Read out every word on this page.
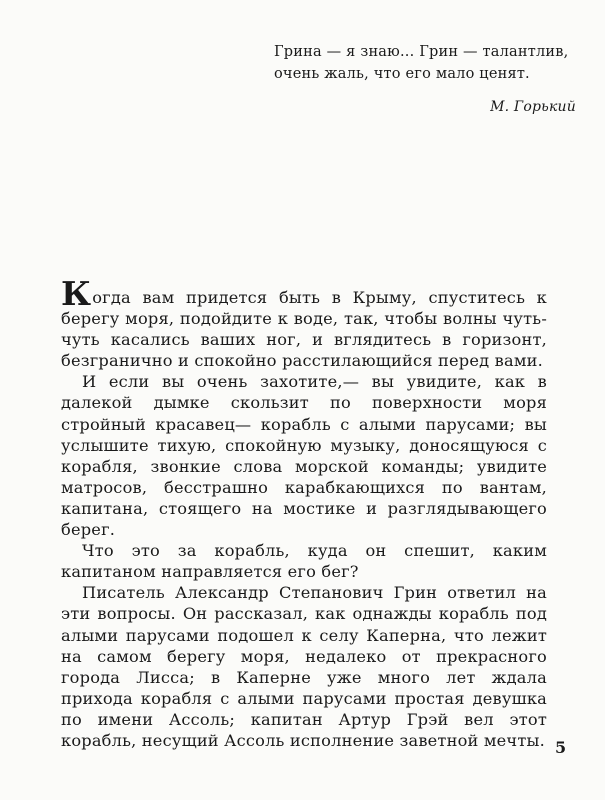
Грина — я знаю... Грин — талантлив,
очень жаль, что его мало ценят.
М. Горький

Когда вам придется быть в Крыму, спуститесь к берегу моря, подойдите к воде, так, чтобы волны чуть-чуть касались ваших ног, и вглядитесь в горизонт, безгранично и спокойно расстилающийся перед вами.

И если вы очень захотите,— вы увидите, как в далекой дымке скользит по поверхности моря стройный красавец— корабль с алыми парусами; вы услышите тихую, спокойную музыку, доносящуюся с корабля, звонкие слова морской команды; увидите матросов, бесстрашно карабкающихся по вантам, капитана, стоящего на мостике и разглядывающего берег.

Что это за корабль, куда он спешит, каким капитаном направляется его бег?

Писатель Александр Степанович Грин ответил на эти вопросы. Он рассказал, как однажды корабль под алыми парусами подошел к селу Каперна, что лежит на самом берегу моря, недалеко от прекрасного города Лисса; в Каперне уже много лет ждала прихода корабля с алыми парусами простая девушка по имени Ассоль; капитан Артур Грэй вел этот корабль, несущий Ассоль исполнение заветной мечты. 5
